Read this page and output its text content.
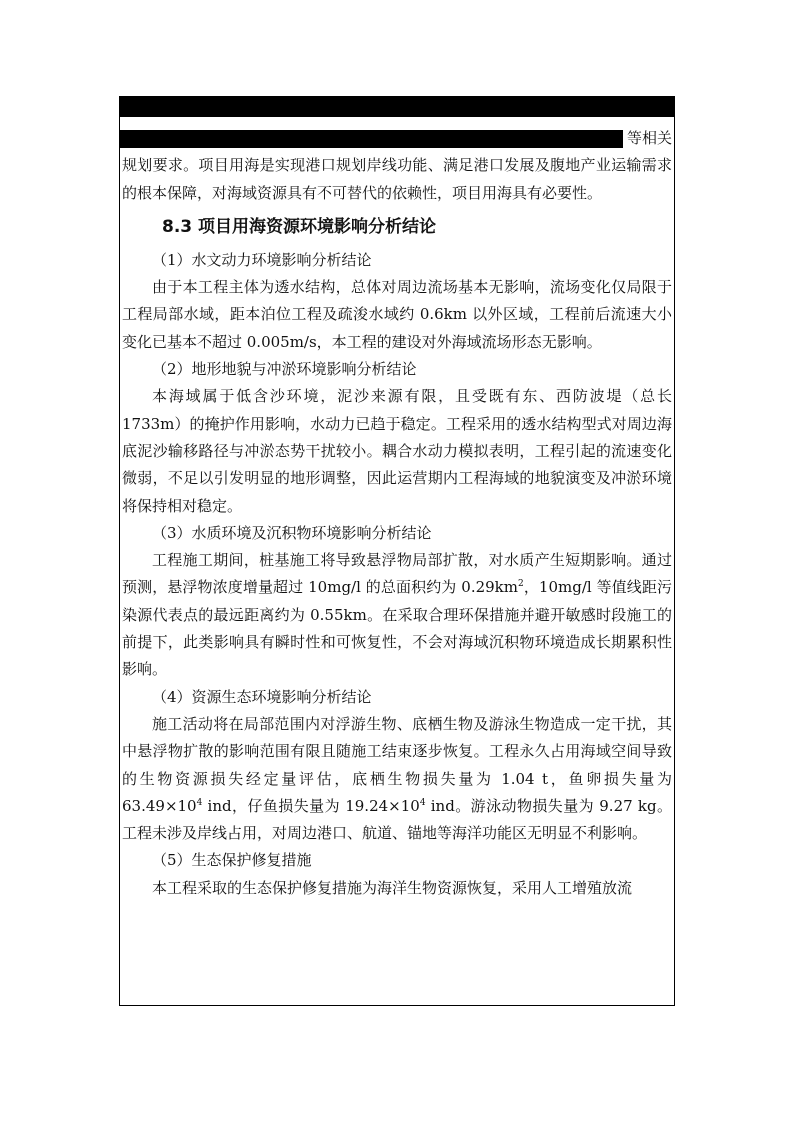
等相关

规划要求。项目用海是实现港口规划岸线功能、满足港口发展及腹地产业运输需求的根本保障，对海域资源具有不可替代的依赖性，项目用海具有必要性。

8.3 项目用海资源环境影响分析结论

（1）水文动力环境影响分析结论

由于本工程主体为透水结构，总体对周边流场基本无影响，流场变化仅局限于工程局部水域，距本泊位工程及疏浚水域约 0.6km 以外区域，工程前后流速大小变化已基本不超过 0.005m/s，本工程的建设对外海域流场形态无影响。

（2）地形地貌与冲淤环境影响分析结论

本海域属于低含沙环境，泥沙来源有限，且受既有东、西防波堤（总长1733m）的掩护作用影响，水动力已趋于稳定。工程采用的透水结构型式对周边海底泥沙输移路径与冲淤态势干扰较小。耦合水动力模拟表明，工程引起的流速变化微弱，不足以引发明显的地形调整，因此运营期内工程海域的地貌演变及冲淤环境将保持相对稳定。

（3）水质环境及沉积物环境影响分析结论

工程施工期间，桩基施工将导致悬浮物局部扩散，对水质产生短期影响。通过预测，悬浮物浓度增量超过 10mg/l 的总面积约为 $0.29km^2$，10mg/l 等值线距污染源代表点的最远距离约为 0.55km。在采取合理环保措施并避开敏感时段施工的前提下，此类影响具有瞬时性和可恢复性，不会对海域沉积物环境造成长期累积性影响。

（4）资源生态环境影响分析结论

施工活动将在局部范围内对浮游生物、底栖生物及游泳生物造成一定干扰，其中悬浮物扩散的影响范围有限且随施工结束逐步恢复。工程永久占用海域空间导致的生物资源损失经定量评估，底栖生物损失量为 1.04 t，鱼卵损失量为 $63.49\times 10^4$ ind，仔鱼损失量为 $19.24\times 10^4$ ind。游泳动物损失量为 9.27 kg。工程未涉及岸线占用，对周边港口、航道、锚地等海洋功能区无明显不利影响。

（5）生态保护修复措施

本工程采取的生态保护修复措施为海洋生物资源恢复，采用人工增殖放流
